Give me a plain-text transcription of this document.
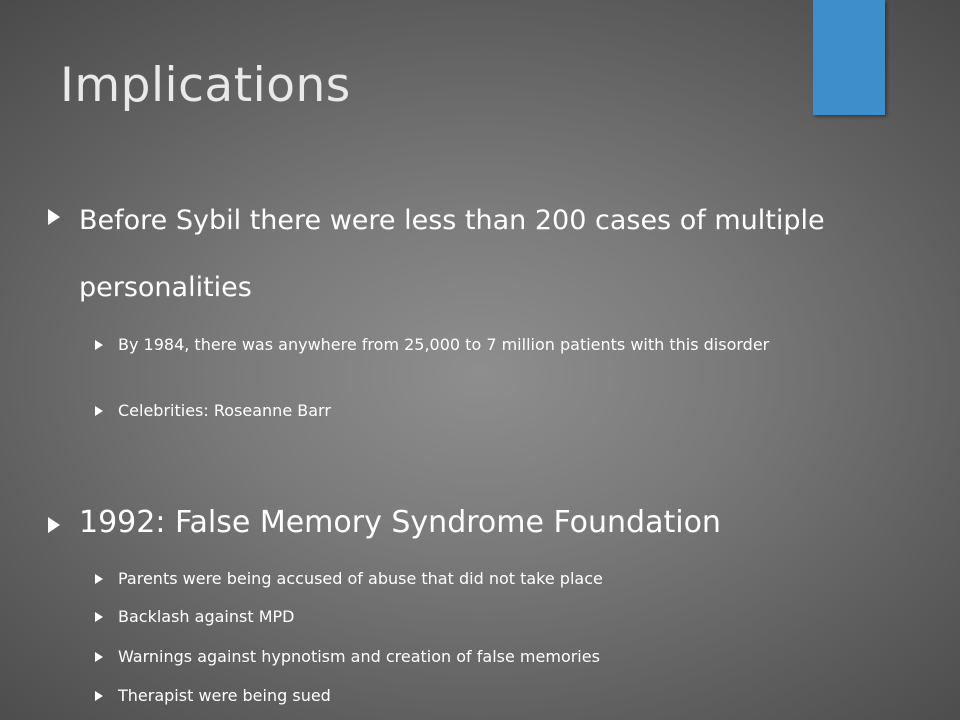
Implications
Before Sybil there were less than 200 cases of multiple personalities
By 1984, there was anywhere from 25,000 to 7 million patients with this disorder
Celebrities: Roseanne Barr
1992: False Memory Syndrome Foundation
Parents were being accused of abuse that did not take place
Backlash against MPD
Warnings against hypnotism and creation of false memories
Therapist were being sued
